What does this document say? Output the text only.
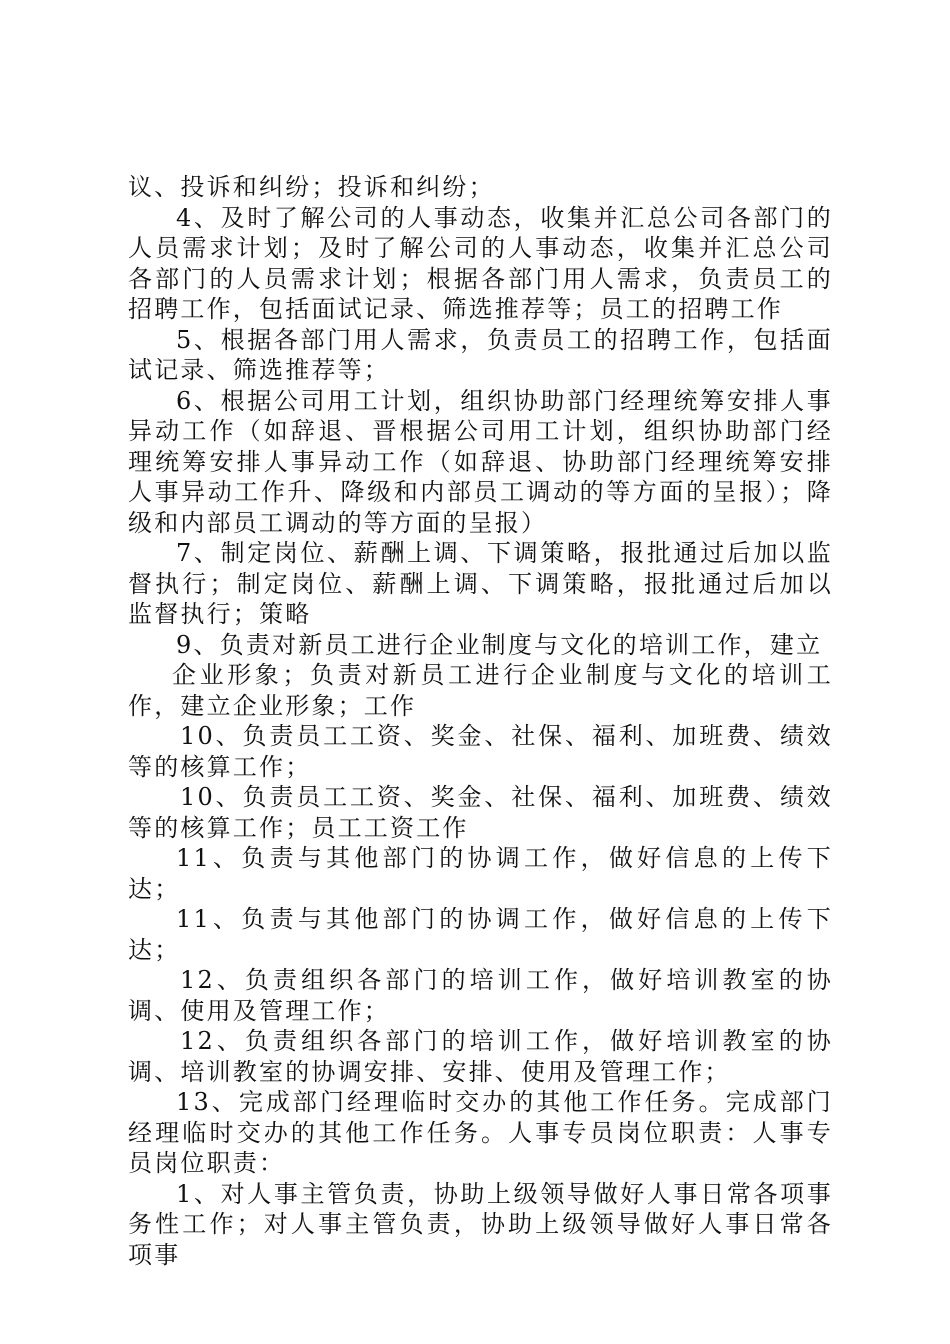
议、投诉和纠纷；投诉和纠纷；

4、及时了解公司的人事动态，收集并汇总公司各部门的人员需求计划；及时了解公司的人事动态，收集并汇总公司各部门的人员需求计划；根据各部门用人需求，负责员工的招聘工作，包括面试记录、筛选推荐等；员工的招聘工作

5、根据各部门用人需求，负责员工的招聘工作，包括面试记录、筛选推荐等；

6、根据公司用工计划，组织协助部门经理统筹安排人事异动工作（如辞退、晋根据公司用工计划，组织协助部门经理统筹安排人事异动工作（如辞退、协助部门经理统筹安排人事异动工作升、降级和内部员工调动的等方面的呈报）；降级和内部员工调动的等方面的呈报）

7、制定岗位、薪酬上调、下调策略，报批通过后加以监督执行；制定岗位、薪酬上调、下调策略，报批通过后加以监督执行；策略

9、负责对新员工进行企业制度与文化的培训工作，建立

企业形象；负责对新员工进行企业制度与文化的培训工作，建立企业形象；工作

10、负责员工工资、奖金、社保、福利、加班费、绩效等的核算工作；

10、负责员工工资、奖金、社保、福利、加班费、绩效等的核算工作；员工工资工作

11、负责与其他部门的协调工作，做好信息的上传下达；

11、负责与其他部门的协调工作，做好信息的上传下达；

12、负责组织各部门的培训工作，做好培训教室的协调、使用及管理工作；

12、负责组织各部门的培训工作，做好培训教室的协调、培训教室的协调安排、安排、使用及管理工作；

13、完成部门经理临时交办的其他工作任务。完成部门经理临时交办的其他工作任务。人事专员岗位职责：人事专员岗位职责：

1、对人事主管负责，协助上级领导做好人事日常各项事务性工作；对人事主管负责，协助上级领导做好人事日常各项事
